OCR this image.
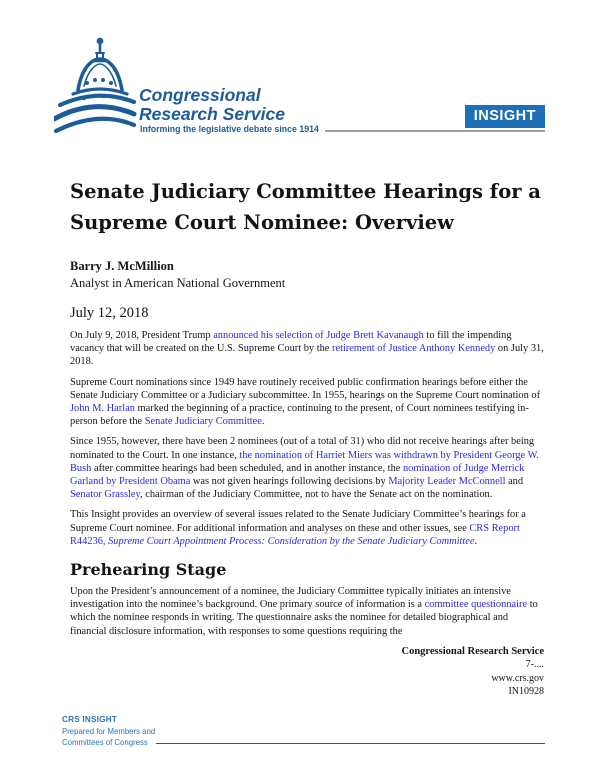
Congressional
Research Service
Informing the legislative debate since 1914
INSIGHT
Senate Judiciary Committee Hearings for a Supreme Court Nominee: Overview
Barry J. McMillion
Analyst in American National Government
July 12, 2018

On July 9, 2018, President Trump announced his selection of Judge Brett Kavanaugh to fill the impending vacancy that will be created on the U.S. Supreme Court by the retirement of Justice Anthony Kennedy on July 31, 2018.

Supreme Court nominations since 1949 have routinely received public confirmation hearings before either the Senate Judiciary Committee or a Judiciary subcommittee. In 1955, hearings on the Supreme Court nomination of John M. Harlan marked the beginning of a practice, continuing to the present, of Court nominees testifying in-person before the Senate Judiciary Committee.

Since 1955, however, there have been 2 nominees (out of a total of 31) who did not receive hearings after being nominated to the Court. In one instance, the nomination of Harriet Miers was withdrawn by President George W. Bush after committee hearings had been scheduled, and in another instance, the nomination of Judge Merrick Garland by President Obama was not given hearings following decisions by Majority Leader McConnell and Senator Grassley, chairman of the Judiciary Committee, not to have the Senate act on the nomination.

This Insight provides an overview of several issues related to the Senate Judiciary Committee’s hearings for a Supreme Court nominee. For additional information and analyses on these and other issues, see CRS Report R44236, Supreme Court Appointment Process: Consideration by the Senate Judiciary Committee.

Prehearing Stage

Upon the President’s announcement of a nominee, the Judiciary Committee typically initiates an intensive investigation into the nominee’s background. One primary source of information is a committee questionnaire to which the nominee responds in writing. The questionnaire asks the nominee for detailed biographical and financial disclosure information, with responses to some questions requiring the

Congressional Research Service
7-....
www.crs.gov
IN10928
CRS INSIGHT
Prepared for Members and
Committees of Congress
